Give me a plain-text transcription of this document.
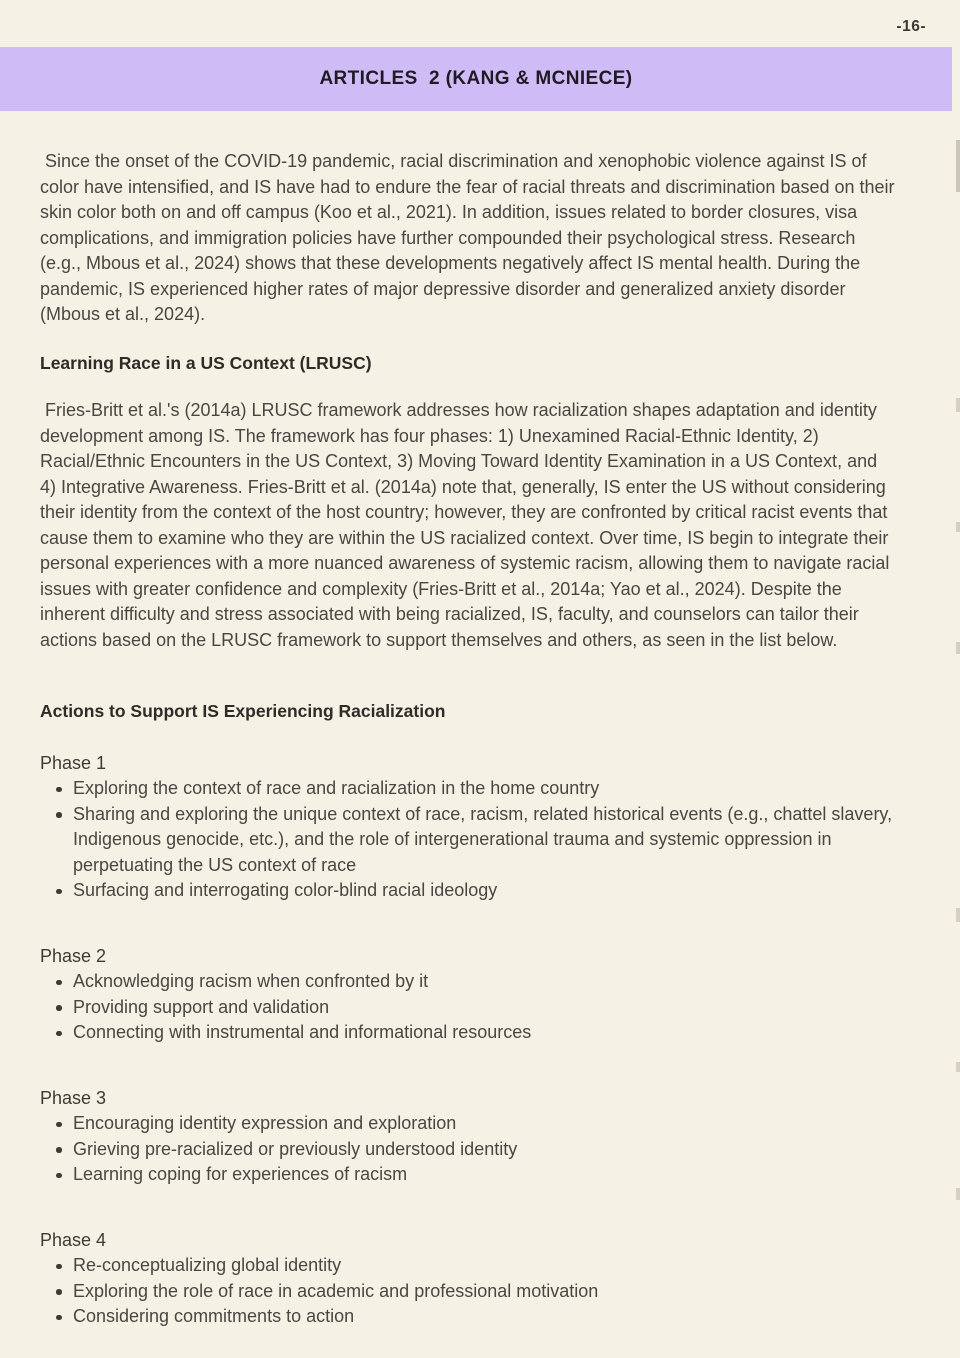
-16-
ARTICLES  2 (KANG & MCNIECE)

Since the onset of the COVID-19 pandemic, racial discrimination and xenophobic violence against IS of color have intensified, and IS have had to endure the fear of racial threats and discrimination based on their skin color both on and off campus (Koo et al., 2021). In addition, issues related to border closures, visa complications, and immigration policies have further compounded their psychological stress. Research (e.g., Mbous et al., 2024) shows that these developments negatively affect IS mental health. During the pandemic, IS experienced higher rates of major depressive disorder and generalized anxiety disorder (Mbous et al., 2024).

Learning Race in a US Context (LRUSC)

Fries-Britt et al.'s (2014a) LRUSC framework addresses how racialization shapes adaptation and identity development among IS. The framework has four phases: 1) Unexamined Racial-Ethnic Identity, 2) Racial/Ethnic Encounters in the US Context, 3) Moving Toward Identity Examination in a US Context, and 4) Integrative Awareness. Fries-Britt et al. (2014a) note that, generally, IS enter the US without considering their identity from the context of the host country; however, they are confronted by critical racist events that cause them to examine who they are within the US racialized context. Over time, IS begin to integrate their personal experiences with a more nuanced awareness of systemic racism, allowing them to navigate racial issues with greater confidence and complexity (Fries-Britt et al., 2014a; Yao et al., 2024). Despite the inherent difficulty and stress associated with being racialized, IS, faculty, and counselors can tailor their actions based on the LRUSC framework to support themselves and others, as seen in the list below.

Actions to Support IS Experiencing Racialization
Phase 1
Exploring the context of race and racialization in the home country
Sharing and exploring the unique context of race, racism, related historical events (e.g., chattel slavery, Indigenous genocide, etc.), and the role of intergenerational trauma and systemic oppression in perpetuating the US context of race
Surfacing and interrogating color-blind racial ideology
Phase 2
Acknowledging racism when confronted by it
Providing support and validation
Connecting with instrumental and informational resources
Phase 3
Encouraging identity expression and exploration
Grieving pre-racialized or previously understood identity
Learning coping for experiences of racism
Phase 4
Re-conceptualizing global identity
Exploring the role of race in academic and professional motivation
Considering commitments to action
